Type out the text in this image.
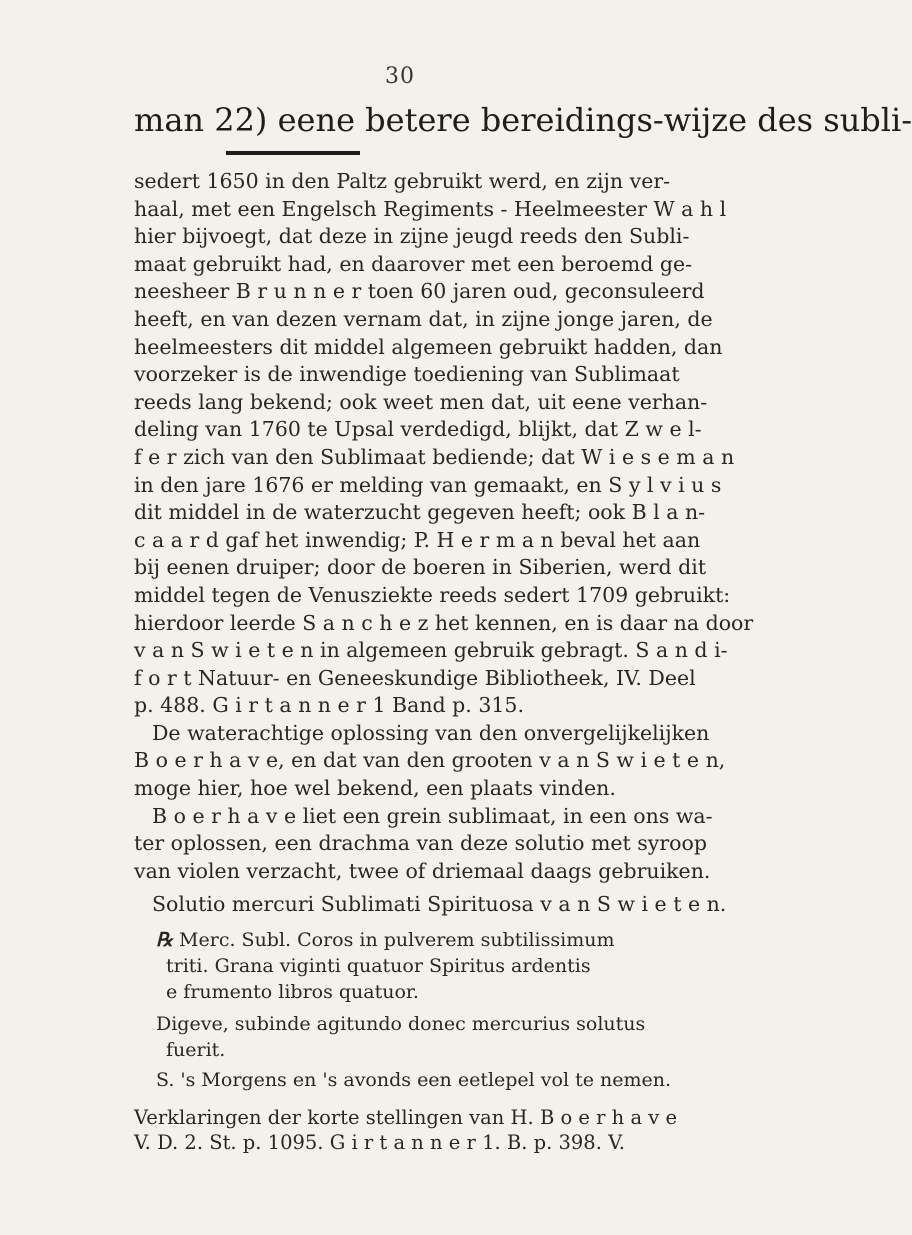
30
man 22) eene betere bereidings-wijze des subli-
sedert 1650 in den Paltz gebruikt werd, en zijn ver-
haal, met een Engelsch Regiments - Heelmeester W a h l
hier bijvoegt, dat deze in zijne jeugd reeds den Subli-
maat gebruikt had, en daarover met een beroemd ge-
neesheer B r u n n e r toen 60 jaren oud, geconsuleerd
heeft, en van dezen vernam dat, in zijne jonge jaren, de
heelmeesters dit middel algemeen gebruikt hadden, dan
voorzeker is de inwendige toediening van Sublimaat
reeds lang bekend; ook weet men dat, uit eene verhan-
deling van 1760 te Upsal verdedigd, blijkt, dat Z w e l-
f e r zich van den Sublimaat bediende; dat W i e s e m a n
in den jare 1676 er melding van gemaakt, en S y l v i u s
dit middel in de waterzucht gegeven heeft; ook B l a n-
c a a r d gaf het inwendig; P. H e r m a n beval het aan
bij eenen druiper; door de boeren in Siberien, werd dit
middel tegen de Venusziekte reeds sedert 1709 gebruikt:
hierdoor leerde S a n c h e z het kennen, en is daar na door
v a n S w i e t e n in algemeen gebruik gebragt. S a n d i-
f o r t Natuur- en Geneeskundige Bibliotheek, IV. Deel
p. 488. G i r t a n n e r 1 Band p. 315.
De waterachtige oplossing van den onvergelijkelijken
B o e r h a v e, en dat van den grooten v a n S w i e t e n,
moge hier, hoe wel bekend, een plaats vinden.
B o e r h a v e liet een grein sublimaat, in een ons wa-
ter oplossen, een drachma van deze solutio met syroop
van violen verzacht, twee of driemaal daags gebruiken.
Solutio mercuri Sublimati Spirituosa v a n S w i e t e n.
℞ Merc. Subl. Coros in pulverem subtilissimum
triti. Grana viginti quatuor Spiritus ardentis
e frumento libros quatuor.
Digeve, subinde agitundo donec mercurius solutus
fuerit.
S. 's Morgens en 's avonds een eetlepel vol te nemen.
Verklaringen der korte stellingen van H. B o e r h a v e
V. D. 2. St. p. 1095. G i r t a n n e r 1. B. p. 398. V.
